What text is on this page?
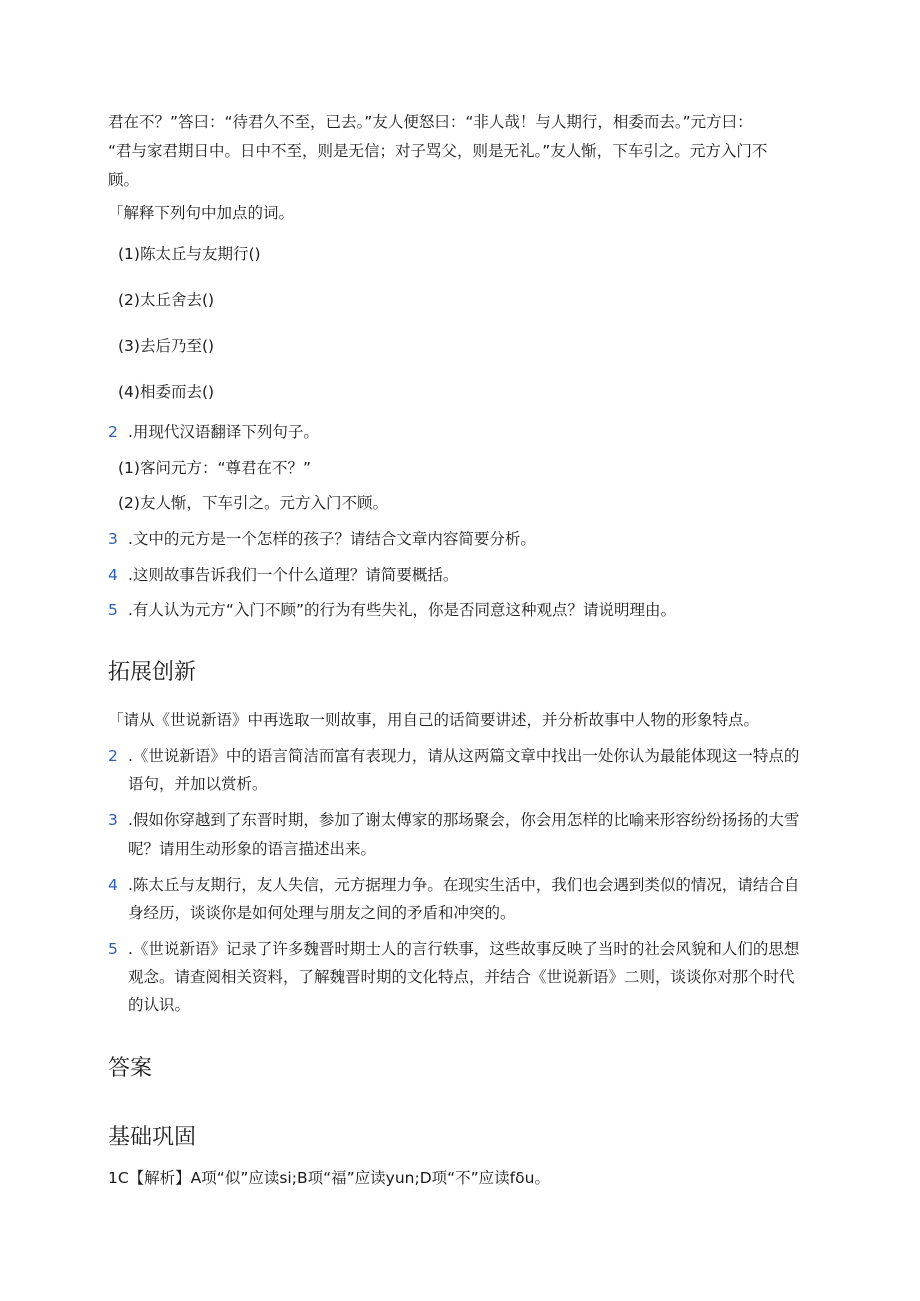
君在不？”答曰：“待君久不至，已去。”友人便怒曰：“非人哉！与人期行，相委而去。”元方曰：
“君与家君期日中。日中不至，则是无信；对子骂父，则是无礼。”友人惭，下车引之。元方入门不
顾。
「解释下列句中加点的词。
(1)陈太丘与友期行()
(2)太丘舍去()
(3)去后乃至()
(4)相委而去()
2 .用现代汉语翻译下列句子。
(1)客问元方：“尊君在不？”
(2)友人惭，下车引之。元方入门不顾。
3 .文中的元方是一个怎样的孩子？请结合文章内容简要分析。
4 .这则故事告诉我们一个什么道理？请简要概括。
5 .有人认为元方“入门不顾”的行为有些失礼，你是否同意这种观点？请说明理由。
拓展创新
「请从《世说新语》中再选取一则故事，用自己的话简要讲述，并分析故事中人物的形象特点。
2 .《世说新语》中的语言简洁而富有表现力，请从这两篇文章中找出一处你认为最能体现这一特点的
语句，并加以赏析。
3 .假如你穿越到了东晋时期，参加了谢太傅家的那场聚会，你会用怎样的比喻来形容纷纷扬扬的大雪
呢？请用生动形象的语言描述出来。
4 .陈太丘与友期行，友人失信，元方据理力争。在现实生活中，我们也会遇到类似的情况，请结合自
身经历，谈谈你是如何处理与朋友之间的矛盾和冲突的。
5 .《世说新语》记录了许多魏晋时期士人的言行轶事，这些故事反映了当时的社会风貌和人们的思想
观念。请查阅相关资料，了解魏晋时期的文化特点，并结合《世说新语》二则，谈谈你对那个时代
的认识。
答案
基础巩固
1C【解析】A项“似”应读si;B项“福”应读yun;D项“不”应读fδu。
